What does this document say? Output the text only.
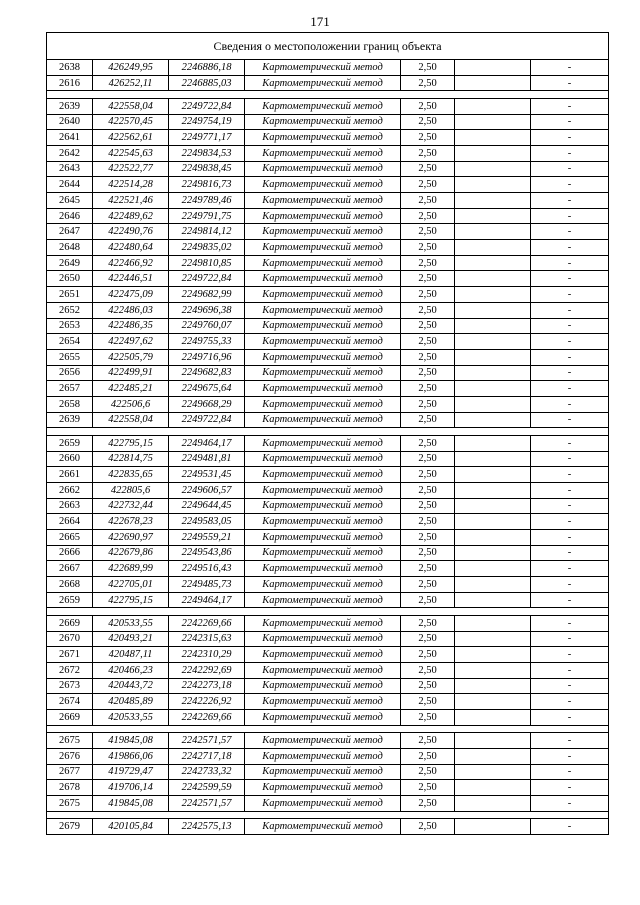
171
Сведения о местоположении границ объекта						
2638	426249,95	2246886,18	Картометрический метод	2,50		-
2616	426252,11	2246885,03	Картометрический метод	2,50		-

2639	422558,04	2249722,84	Картометрический метод	2,50		-
2640	422570,45	2249754,19	Картометрический метод	2,50		-
2641	422562,61	2249771,17	Картометрический метод	2,50		-
2642	422545,63	2249834,53	Картометрический метод	2,50		-
2643	422522,77	2249838,45	Картометрический метод	2,50		-
2644	422514,28	2249816,73	Картометрический метод	2,50		-
2645	422521,46	2249789,46	Картометрический метод	2,50		-
2646	422489,62	2249791,75	Картометрический метод	2,50		-
2647	422490,76	2249814,12	Картометрический метод	2,50		-
2648	422480,64	2249835,02	Картометрический метод	2,50		-
2649	422466,92	2249810,85	Картометрический метод	2,50		-
2650	422446,51	2249722,84	Картометрический метод	2,50		-
2651	422475,09	2249682,99	Картометрический метод	2,50		-
2652	422486,03	2249696,38	Картометрический метод	2,50		-
2653	422486,35	2249760,07	Картометрический метод	2,50		-
2654	422497,62	2249755,33	Картометрический метод	2,50		-
2655	422505,79	2249716,96	Картометрический метод	2,50		-
2656	422499,91	2249682,83	Картометрический метод	2,50		-
2657	422485,21	2249675,64	Картометрический метод	2,50		-
2658	422506,6	2249668,29	Картометрический метод	2,50		-
2639	422558,04	2249722,84	Картометрический метод	2,50		-

2659	422795,15	2249464,17	Картометрический метод	2,50		-
2660	422814,75	2249481,81	Картометрический метод	2,50		-
2661	422835,65	2249531,45	Картометрический метод	2,50		-
2662	422805,6	2249606,57	Картометрический метод	2,50		-
2663	422732,44	2249644,45	Картометрический метод	2,50		-
2664	422678,23	2249583,05	Картометрический метод	2,50		-
2665	422690,97	2249559,21	Картометрический метод	2,50		-
2666	422679,86	2249543,86	Картометрический метод	2,50		-
2667	422689,99	2249516,43	Картометрический метод	2,50		-
2668	422705,01	2249485,73	Картометрический метод	2,50		-
2659	422795,15	2249464,17	Картометрический метод	2,50		-

2669	420533,55	2242269,66	Картометрический метод	2,50		-
2670	420493,21	2242315,63	Картометрический метод	2,50		-
2671	420487,11	2242310,29	Картометрический метод	2,50		-
2672	420466,23	2242292,69	Картометрический метод	2,50		-
2673	420443,72	2242273,18	Картометрический метод	2,50		-
2674	420485,89	2242226,92	Картометрический метод	2,50		-
2669	420533,55	2242269,66	Картометрический метод	2,50		-

2675	419845,08	2242571,57	Картометрический метод	2,50		-
2676	419866,06	2242717,18	Картометрический метод	2,50		-
2677	419729,47	2242733,32	Картометрический метод	2,50		-
2678	419706,14	2242599,59	Картометрический метод	2,50		-
2675	419845,08	2242571,57	Картометрический метод	2,50		-

2679	420105,84	2242575,13	Картометрический метод	2,50		-
